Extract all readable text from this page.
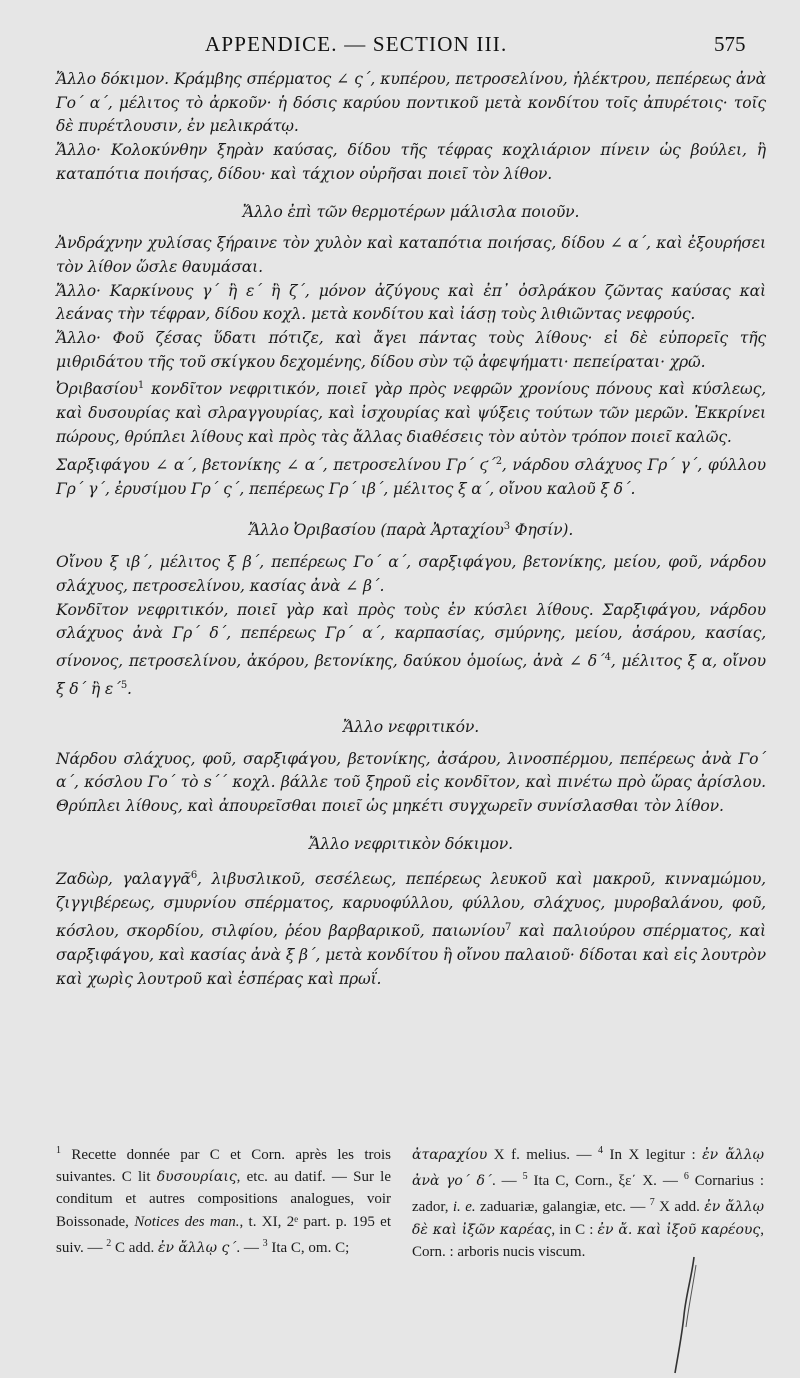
APPENDICE. — SECTION III.	575

Ἄλλο δόκιμον. Κράμβης σπέρματος ∠ ς΄, κυπέρου, πετροσελίνου, ἠλέκτρου, πεπέρεως ἀνὰ Γο΄ α΄, μέλιτος τὸ ἀρκοῦν· ἡ δόσις καρύου ποντικοῦ μετὰ κονδίτου τοῖς ἀπυρέτοις· τοῖς δὲ πυρέτλουσιν, ἐν μελικράτῳ.

Ἄλλο· Κολοκύνθην ξηρὰν καύσας, δίδου τῆς τέφρας κοχλιάριον πίνειν ὡς βούλει, ἢ καταπότια ποιήσας, δίδου· καὶ τάχιον οὐρῆσαι ποιεῖ τὸν λίθον.

Ἄλλο ἐπὶ τῶν θερμοτέρων μάλισλα ποιοῦν.

Ἀνδράχνην χυλίσας ξήραινε τὸν χυλὸν καὶ καταπότια ποιήσας, δίδου ∠ α΄, καὶ ἐξουρήσει τὸν λίθον ὥσλε θαυμάσαι.

Ἄλλο· Καρκίνους γ΄ ἢ ε΄ ἢ ζ΄, μόνον ἀζύγους καὶ ἐπ᾽ ὀσλράκου ζῶντας καύσας καὶ λεάνας τὴν τέφραν, δίδου κοχλ. μετὰ κονδίτου καὶ ἰάσῃ τοὺς λιθιῶντας νεφρούς.

Ἄλλο· Φοῦ ζέσας ὕδατι πότιζε, καὶ ἄγει πάντας τοὺς λίθους· εἰ δὲ εὐπορεῖς τῆς μιθριδάτου τῆς τοῦ σκίγκου δεχομένης, δίδου σὺν τῷ ἀφεψήματι· πεπείραται· χρῶ.

Ὀριβασίου$^1$ κονδῖτον νεφριτικόν, ποιεῖ γὰρ πρὸς νεφρῶν χρονίους πόνους καὶ κύσλεως, καὶ δυσουρίας καὶ σλραγγουρίας, καὶ ἰσχουρίας καὶ ψύξεις τούτων τῶν μερῶν. Ἐκκρίνει πώρους, θρύπλει λίθους καὶ πρὸς τὰς ἄλλας διαθέσεις τὸν αὐτὸν τρόπον ποιεῖ καλῶς.

Σαρξιφάγου ∠ α΄, βετονίκης ∠ α΄, πετροσελίνου Γρ΄ ϛ΄$^2$, νάρδου σλάχυος Γρ΄ γ΄, φύλλου Γρ΄ γ΄, ἐρυσίμου Γρ΄ ς΄, πεπέρεως Γρ΄ ιβ΄, μέλιτος ξ α΄, οἴνου καλοῦ ξ δ΄.

Ἄλλο Ὀριβασίου (παρὰ Ἀρταχίου$^3$ Φησίν).

Οἴνου ξ ιβ΄, μέλιτος ξ β΄, πεπέρεως Γο΄ α΄, σαρξιφάγου, βετονίκης, μείου, φοῦ, νάρδου σλάχυος, πετροσελίνου, κασίας ἀνὰ ∠ β΄.

Κονδῖτον νεφριτικόν, ποιεῖ γὰρ καὶ πρὸς τοὺς ἐν κύσλει λίθους. Σαρξιφάγου, νάρδου σλάχυος ἀνὰ Γρ΄ δ΄, πεπέρεως Γρ΄ α΄, καρπασίας, σμύρνης, μείου, ἀσάρου, κασίας, σίνονος, πετροσελίνου, ἀκόρου, βετονίκης, δαύκου ὁμοίως, ἀνὰ ∠ δ΄$^4$, μέλιτος ξ α, οἴνου ξ δ΄ ἢ ε΄$^5$.

Ἄλλο νεφριτικόν.

Νάρδου σλάχυος, φοῦ, σαρξιφάγου, βετονίκης, ἀσάρου, λινοσπέρμου, πεπέρεως ἀνὰ Γο΄ α΄, κόσλου Γο΄ τὸ s΄΄ κοχλ. βάλλε τοῦ ξηροῦ εἰς κονδῖτον, καὶ πινέτω πρὸ ὥρας ἀρίσλου. Θρύπλει λίθους, καὶ ἀπουρεῖσθαι ποιεῖ ὡς μηκέτι συγχωρεῖν συνίσλασθαι τὸν λίθον.

Ἄλλο νεφριτικὸν δόκιμον.

Ζαδὼρ, γαλαγγᾶ$^6$, λιβυσλικοῦ, σεσέλεως, πεπέρεως λευκοῦ καὶ μακροῦ, κινναμώμου, ζιγγιβέρεως, σμυρνίου σπέρματος, καρυοφύλλου, φύλλου, σλάχυος, μυροβαλάνου, φοῦ, κόσλου, σκορδίου, σιλφίου, ῥέου βαρβαρικοῦ, παιωνίου$^7$ καὶ παλιούρου σπέρματος, καὶ σαρξιφάγου, καὶ κασίας ἀνὰ ξ β΄, μετὰ κονδίτου ἢ οἴνου παλαιοῦ· δίδοται καὶ εἰς λουτρὸν καὶ χωρὶς λουτροῦ καὶ ἑσπέρας καὶ πρωΐ.

$^1$ Recette donnée par C et Corn. après les trois suivantes. C lit δυσουρίαις, etc. au datif. — Sur le conditum et autres compositions analogues, voir Boissonade, Notices des man., t. XI, 2ᵉ part. p. 195 et suiv. — $^2$ C add. ἐν ἄλλῳ ς΄. — $^3$ Ita C, om. C;
ἀταραχίου X f. melius. — $^4$ In X legitur : ἐν ἄλλῳ ἀνὰ γο΄ δ΄. — $^5$ Ita C, Corn., ξε΄ X. — $^6$ Cornarius : zador, i. e. zaduariæ, galangiæ, etc. — $^7$ X add. ἐν ἄλλῳ δὲ καὶ ἰξῶν καρέας, in C : ἐν ἄ. καὶ ἰξοῦ καρέους, Corn. : arboris nucis viscum.
